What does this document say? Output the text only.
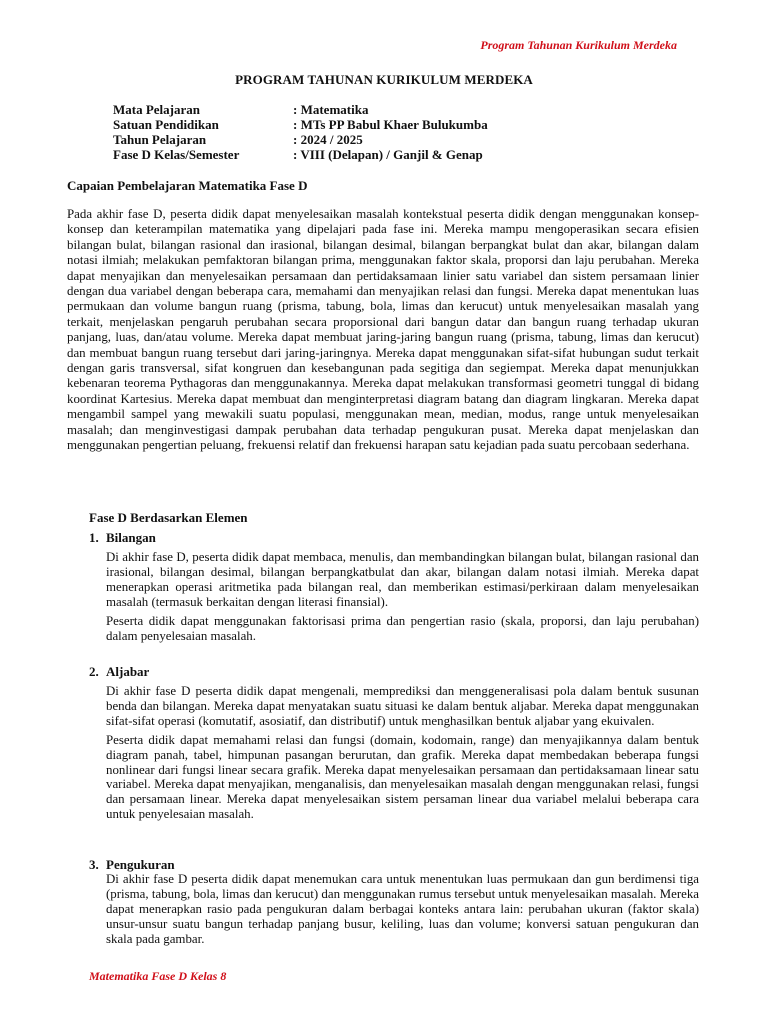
Program Tahunan Kurikulum Merdeka
PROGRAM TAHUNAN KURIKULUM MERDEKA
Mata Pelajaran	: Matematika
Satuan Pendidikan	: MTs PP Babul Khaer Bulukumba
Tahun Pelajaran	: 2024 / 2025
Fase D Kelas/Semester	: VIII (Delapan) / Ganjil & Genap
Capaian Pembelajaran Matematika Fase D
Pada akhir fase D, peserta didik dapat menyelesaikan masalah kontekstual peserta didik dengan menggunakan konsep-konsep dan keterampilan matematika yang dipelajari pada fase ini. Mereka mampu mengoperasikan secara efisien bilangan bulat, bilangan rasional dan irasional, bilangan desimal, bilangan berpangkat bulat dan akar, bilangan dalam notasi ilmiah; melakukan pemfaktoran bilangan prima, menggunakan faktor skala, proporsi dan laju perubahan. Mereka dapat menyajikan dan menyelesaikan persamaan dan pertidaksamaan linier satu variabel dan sistem persamaan linier dengan dua variabel dengan beberapa cara, memahami dan menyajikan relasi dan fungsi. Mereka dapat menentukan luas permukaan dan volume bangun ruang (prisma, tabung, bola, limas dan kerucut) untuk menyelesaikan masalah yang terkait, menjelaskan pengaruh perubahan secara proporsional dari bangun datar dan bangun ruang terhadap ukuran panjang, luas, dan/atau volume. Mereka dapat membuat jaring-jaring bangun ruang (prisma, tabung, limas dan kerucut) dan membuat bangun ruang tersebut dari jaring-jaringnya. Mereka dapat menggunakan sifat-sifat hubungan sudut terkait dengan garis transversal, sifat kongruen dan kesebangunan pada segitiga dan segiempat. Mereka dapat menunjukkan kebenaran teorema Pythagoras dan menggunakannya. Mereka dapat melakukan transformasi geometri tunggal di bidang koordinat Kartesius. Mereka dapat membuat dan menginterpretasi diagram batang dan diagram lingkaran. Mereka dapat mengambil sampel yang mewakili suatu populasi, menggunakan mean, median, modus, range untuk menyelesaikan masalah; dan menginvestigasi dampak perubahan data terhadap pengukuran pusat. Mereka dapat menjelaskan dan menggunakan pengertian peluang, frekuensi relatif dan frekuensi harapan satu kejadian pada suatu percobaan sederhana.
Fase D Berdasarkan Elemen
1. Bilangan

Di akhir fase D, peserta didik dapat membaca, menulis, dan membandingkan bilangan bulat, bilangan rasional dan irasional, bilangan desimal, bilangan berpangkatbulat dan akar, bilangan dalam notasi ilmiah. Mereka dapat menerapkan operasi aritmetika pada bilangan real, dan memberikan estimasi/perkiraan dalam menyelesaikan masalah (termasuk berkaitan dengan literasi finansial).

Peserta didik dapat menggunakan faktorisasi prima dan pengertian rasio (skala, proporsi, dan laju perubahan) dalam penyelesaian masalah.

2. Aljabar

Di akhir fase D peserta didik dapat mengenali, memprediksi dan menggeneralisasi pola dalam bentuk susunan benda dan bilangan. Mereka dapat menyatakan suatu situasi ke dalam bentuk aljabar. Mereka dapat menggunakan sifat-sifat operasi (komutatif, asosiatif, dan distributif) untuk menghasilkan bentuk aljabar yang ekuivalen.

Peserta didik dapat memahami relasi dan fungsi (domain, kodomain, range) dan menyajikannya dalam bentuk diagram panah, tabel, himpunan pasangan berurutan, dan grafik. Mereka dapat membedakan beberapa fungsi nonlinear dari fungsi linear secara grafik. Mereka dapat menyelesaikan persamaan dan pertidaksamaan linear satu variabel. Mereka dapat menyajikan, menganalisis, dan menyelesaikan masalah dengan menggunakan relasi, fungsi dan persamaan linear. Mereka dapat menyelesaikan sistem persaman linear dua variabel melalui beberapa cara untuk penyelesaian masalah.

3. Pengukuran

Di akhir fase D peserta didik dapat menemukan cara untuk menentukan luas permukaan dan gun berdimensi tiga (prisma, tabung, bola, limas dan kerucut) dan menggunakan rumus tersebut untuk menyelesaikan masalah. Mereka dapat menerapkan rasio pada pengukuran dalam berbagai konteks antara lain: perubahan ukuran (faktor skala) unsur-unsur suatu bangun terhadap panjang busur, keliling, luas dan volume; konversi satuan pengukuran dan skala pada gambar.

Matematika Fase D Kelas 8
